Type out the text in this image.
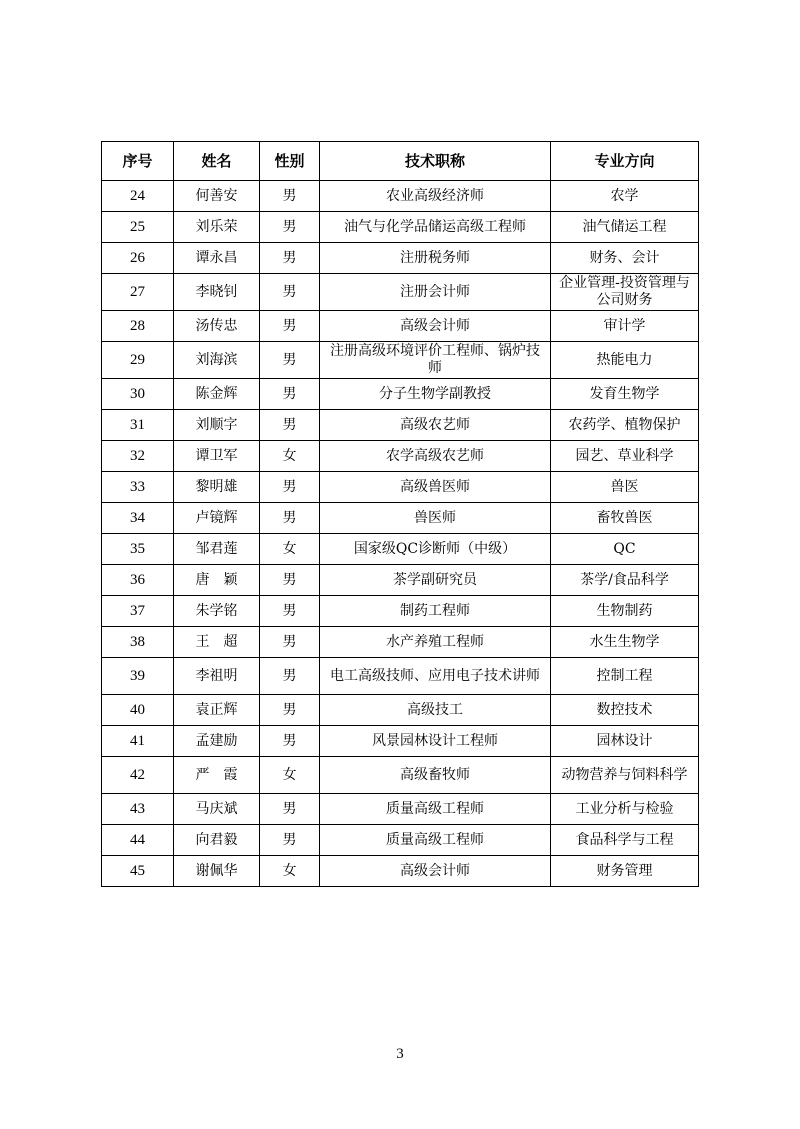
序号	姓名	性别	技术职称	专业方向
24	何善安	男	农业高级经济师	农学
25	刘乐荣	男	油气与化学品储运高级工程师	油气储运工程
26	谭永昌	男	注册税务师	财务、会计
27	李晓钊	男	注册会计师	企业管理-投资管理与公司财务
28	汤传忠	男	高级会计师	审计学
29	刘海滨	男	注册高级环境评价工程师、锅炉技师	热能电力
30	陈金辉	男	分子生物学副教授	发育生物学
31	刘顺字	男	高级农艺师	农药学、植物保护
32	谭卫军	女	农学高级农艺师	园艺、草业科学
33	黎明雄	男	高级兽医师	兽医
34	卢镜辉	男	兽医师	畜牧兽医
35	邹君莲	女	国家级QC诊断师（中级）	QC
36	唐　颖	男	茶学副研究员	茶学/食品科学
37	朱学铭	男	制药工程师	生物制药
38	王　超	男	水产养殖工程师	水生生物学
39	李祖明	男	电工高级技师、应用电子技术讲师	控制工程
40	袁正辉	男	高级技工	数控技术
41	孟建励	男	风景园林设计工程师	园林设计
42	严　霞	女	高级畜牧师	动物营养与饲料科学
43	马庆斌	男	质量高级工程师	工业分析与检验
44	向君毅	男	质量高级工程师	食品科学与工程
45	谢佩华	女	高级会计师	财务管理
3
